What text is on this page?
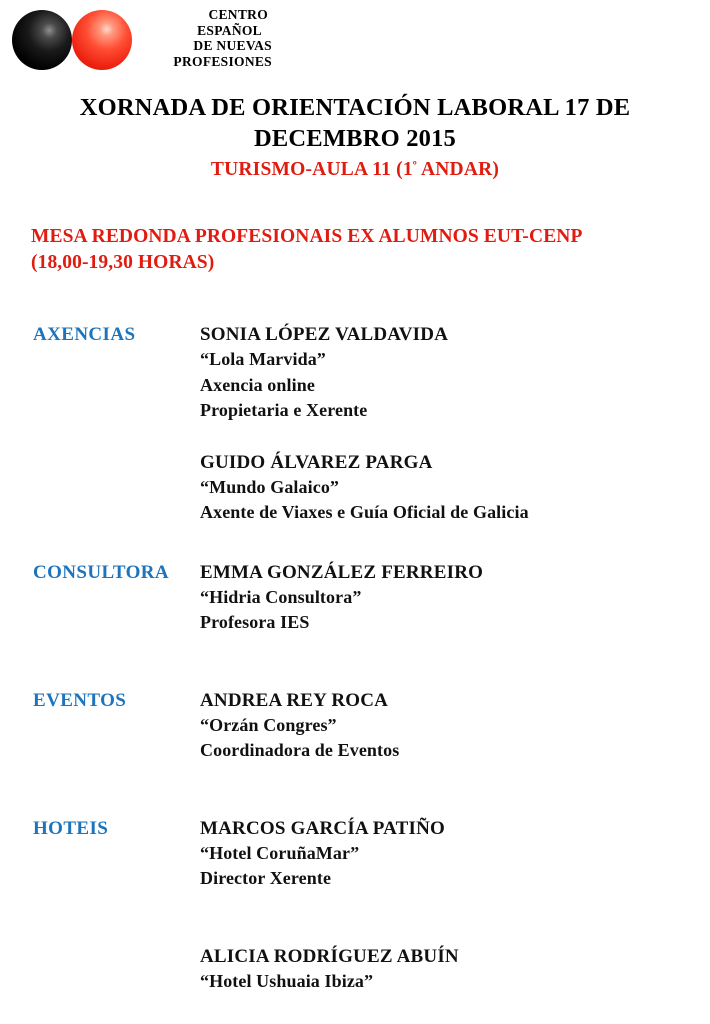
CENTRO
ESPAÑOL
DE NUEVAS
PROFESIONES
XORNADA DE ORIENTACIÓN LABORAL 17 DE DECEMBRO 2015
TURISMO-AULA 11 ($1^º$ ANDAR)
MESA REDONDA PROFESIONAIS EX ALUMNOS EUT-CENP
(18,00-19,30 HORAS)
AXENCIAS	SONIA LÓPEZ VALDAVIDA
“Lola Marvida”
Axencia online
Propietaria e Xerente
GUIDO ÁLVAREZ PARGA
“Mundo Galaico”
Axente de Viaxes e Guía Oficial de Galicia
CONSULTORA	EMMA GONZÁLEZ FERREIRO
“Hidria Consultora”
Profesora IES
EVENTOS	ANDREA REY ROCA
“Orzán Congres”
Coordinadora de Eventos
HOTEIS	MARCOS GARCÍA PATIÑO
“Hotel CoruñaMar”
Director Xerente
ALICIA RODRÍGUEZ ABUÍN
“Hotel Ushuaia Ibiza”
